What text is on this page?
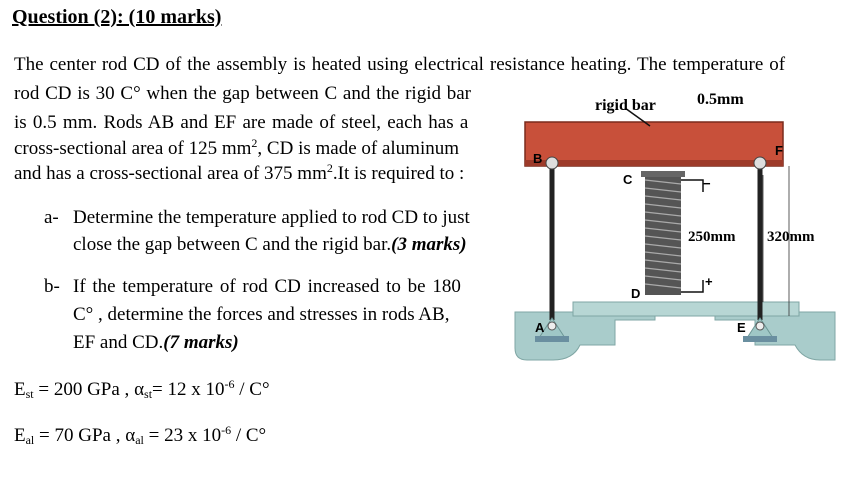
Question (2): (10 marks)
The center rod CD of the assembly is heated using electrical resistance heating. The temperature of
rod CD is 30 C° when the gap between C and the rigid bar
is 0.5 mm. Rods AB and EF are made of steel, each has a
cross-sectional area of 125 $mm^2$, CD is made of aluminum
and has a cross-sectional area of 375 $mm^2.It$ is required to :
a- Determine the temperature applied to rod CD to just
close the gap between C and the rigid bar.(3 marks)
b- If the temperature of rod CD increased to be 180
C° , determine the forces and stresses in rods AB,
EF and CD.(7 marks)
$E_{st} = 200$ GPa , $\alpha_{st}= 12$ x $10^{-6} / C^\circ$
$E_{al} = 70$ GPa , $\alpha_{al} = 23$ x $10^{-6} / C^\circ$
−
+
rigid bar	0.5mm
250mm 320mm
B
C
D
F
A	E
